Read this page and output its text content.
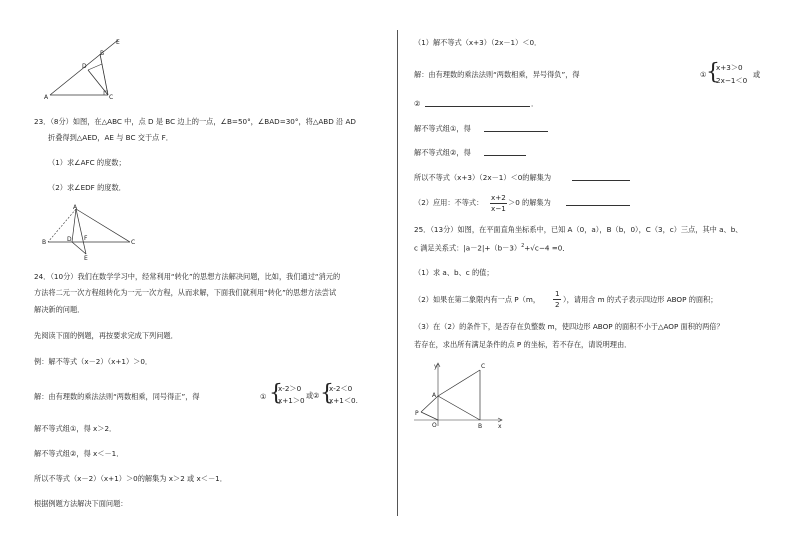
E
B
D
A	C
23．（8分）如图，在△ABC 中，点 D 是 BC 边上的一点，∠B=50°，∠BAD=30°，将△ABD 沿 AD
折叠得到△AED，AE 与 BC 交于点 F．
（1）求∠AFC 的度数；
（2）求∠EDF 的度数．
A
B	D F
C
E
24．（10分）我们在数学学习中，经常利用“转化”的思想方法解决问题，比如，我们通过“消元的
方法将二元一次方程组转化为一元一次方程，从而求解，下面我们就利用“转化”的思想方法尝试
解决新的问题．
先阅读下面的例题，再按要求完成下列问题．
例：解不等式（x－2）（x+1）＞0．
解：由有理数的乘法法则“两数相乘，同号得正”，得	① {
x-2＞0
x+1＞0
或 ② {
x-2＜0
x+1＜0.
解不等式组①，得 x＞2．
解不等式组②，得 x＜－1．
所以不等式（x－2）（x+1）＞0的解集为 x＞2 或 x＜－1．
根据例题方法解决下面问题：
（1）解不等式（x+3）（2x－1）＜0．
解：由有理数的乘法法则“两数相乘，异号得负”，得	① {
x+3＞0
2x−1＜0
或
②	．
解不等式组①，得
解不等式组②，得
所以不等式（x+3）（2x－1）＜0的解集为
（2）应用：不等式：
x+2
x−1
＞0 的解集为
25．（13分）如图，在平面直角坐标系中，已知 A（0，a），B（b，0），C（3，c）三点，其中 a、b、
c 满足关系式：$|a-2|+(b-3)^2+√c-4 =0$．
（1）求 a、b、c 的值；
（2）如果在第二象限内有一点 P（m，
1
2
），请用含 m 的式子表示四边形 ABOP 的面积；
（3）在（2）的条件下，是否存在负整数 m，使四边形 ABOP 的面积不小于△AOP 面积的两倍？
若存在，求出所有满足条件的点 P 的坐标，若不存在，请说明理由．
y
x
C
A
P
O	B
